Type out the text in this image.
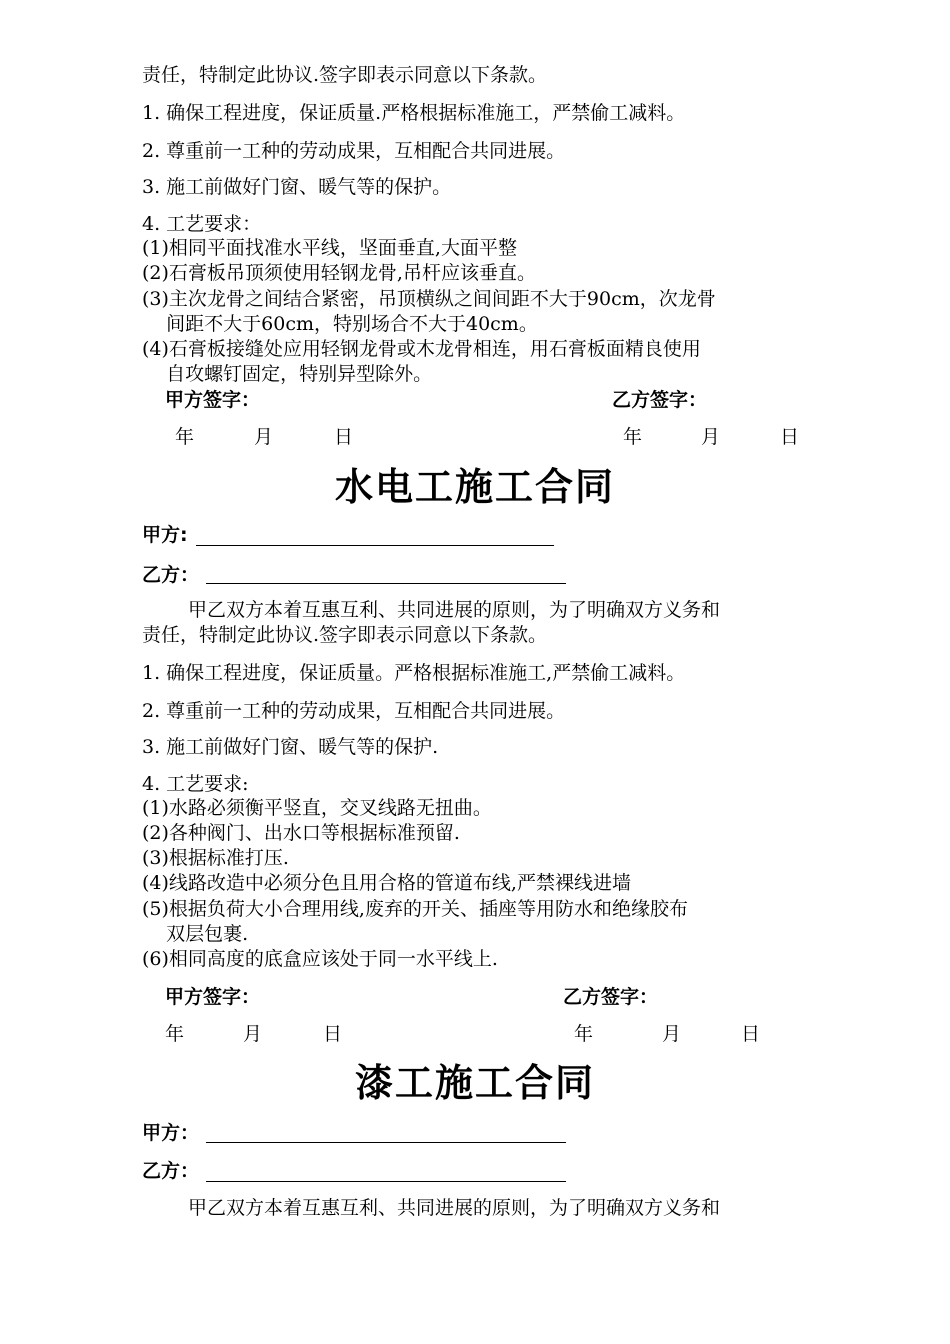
责任，特制定此协议.签字即表示同意以下条款。
1. 确保工程进度，保证质量.严格根据标准施工，严禁偷工减料。
2. 尊重前一工种的劳动成果，互相配合共同进展。
3. 施工前做好门窗、暖气等的保护。
4. 工艺要求：
(1)相同平面找准水平线，坚面垂直,大面平整
(2)石膏板吊顶须使用轻钢龙骨,吊杆应该垂直。
(3)主次龙骨之间结合紧密，吊顶横纵之间间距不大于90cm，次龙骨
间距不大于60cm，特别场合不大于40cm。
(4)石膏板接缝处应用轻钢龙骨或木龙骨相连，用石膏板面精良使用
自攻螺钉固定，特别异型除外。
甲方签字：	乙方签字：
年	月	日	年	月	日
水电工施工合同
甲方:
乙方：
甲乙双方本着互惠互利、共同进展的原则，为了明确双方义务和
责任，特制定此协议.签字即表示同意以下条款。
1. 确保工程进度，保证质量。严格根据标准施工,严禁偷工减料。
2. 尊重前一工种的劳动成果，互相配合共同进展。
3. 施工前做好门窗、暖气等的保护.
4. 工艺要求:
(1)水路必须衡平竖直，交叉线路无扭曲。
(2)各种阀门、出水口等根据标准预留.
(3)根据标准打压.
(4)线路改造中必须分色且用合格的管道布线,严禁裸线进墙
(5)根据负荷大小合理用线,废弃的开关、插座等用防水和绝缘胶布
双层包裹.
(6)相同高度的底盒应该处于同一水平线上.
甲方签字：	乙方签字：
年	月	日	年	月	日
漆工施工合同
甲方：
乙方：
甲乙双方本着互惠互利、共同进展的原则，为了明确双方义务和
